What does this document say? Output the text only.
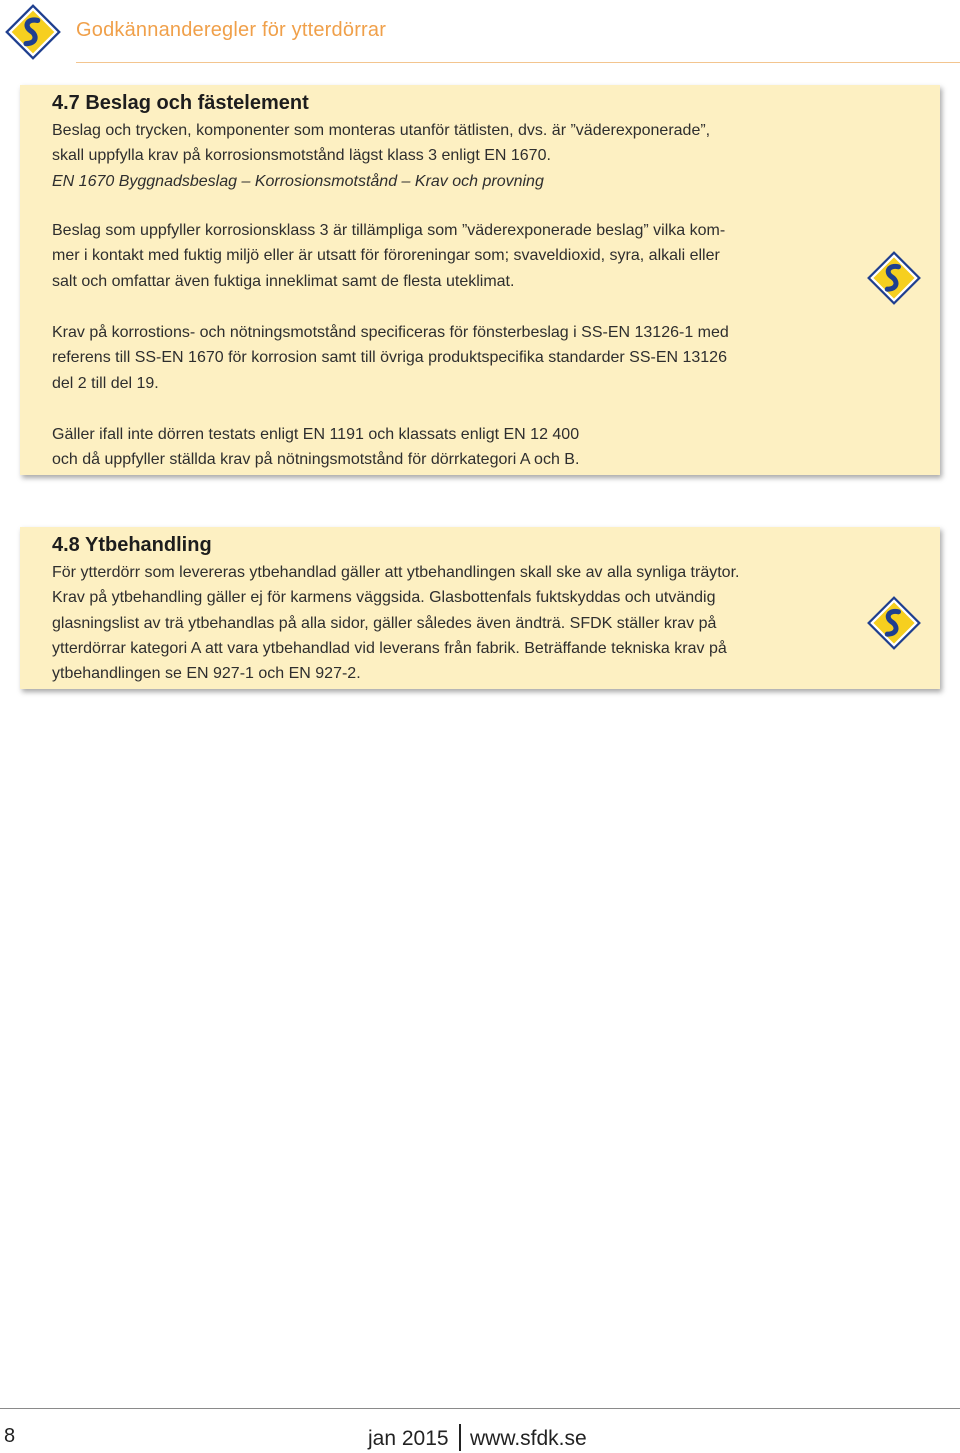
Godkännanderegler för ytterdörrar
4.7 Beslag och fästelement

Beslag och trycken, komponenter som monteras utanför tätlisten, dvs. är ”väderexponerade”,
skall uppfylla krav på korrosionsmotstånd lägst klass 3 enligt EN 1670.
EN 1670 Byggnadsbeslag – Korrosionsmotstånd – Krav och provning

Beslag som uppfyller korrosionsklass 3 är tillämpliga som ”väderexponerade beslag” vilka kom-
mer i kontakt med fuktig miljö eller är utsatt för föroreningar som; svaveldioxid, syra, alkali eller
salt och omfattar även fuktiga inneklimat samt de flesta uteklimat.

Krav på korrostions- och nötningsmotstånd specificeras för fönsterbeslag i SS-EN 13126-1 med
referens till SS-EN 1670 för korrosion samt till övriga produktspecifika standarder SS-EN 13126
del 2 till del 19.

Gäller ifall inte dörren testats enligt EN 1191 och klassats enligt EN 12 400
och då uppfyller ställda krav på nötningsmotstånd för dörrkategori A och B.

4.8 Ytbehandling

För ytterdörr som levereras ytbehandlad gäller att ytbehandlingen skall ske av alla synliga träytor.
Krav på ytbehandling gäller ej för karmens väggsida. Glasbottenfals fuktskyddas och utvändig
glasningslist av trä ytbehandlas på alla sidor, gäller således även ändträ. SFDK ställer krav på
ytterdörrar kategori A att vara ytbehandlad vid leverans från fabrik. Beträffande tekniska krav på
ytbehandlingen se EN 927-1 och EN 927-2.

8	jan 2015 www.sfdk.se
